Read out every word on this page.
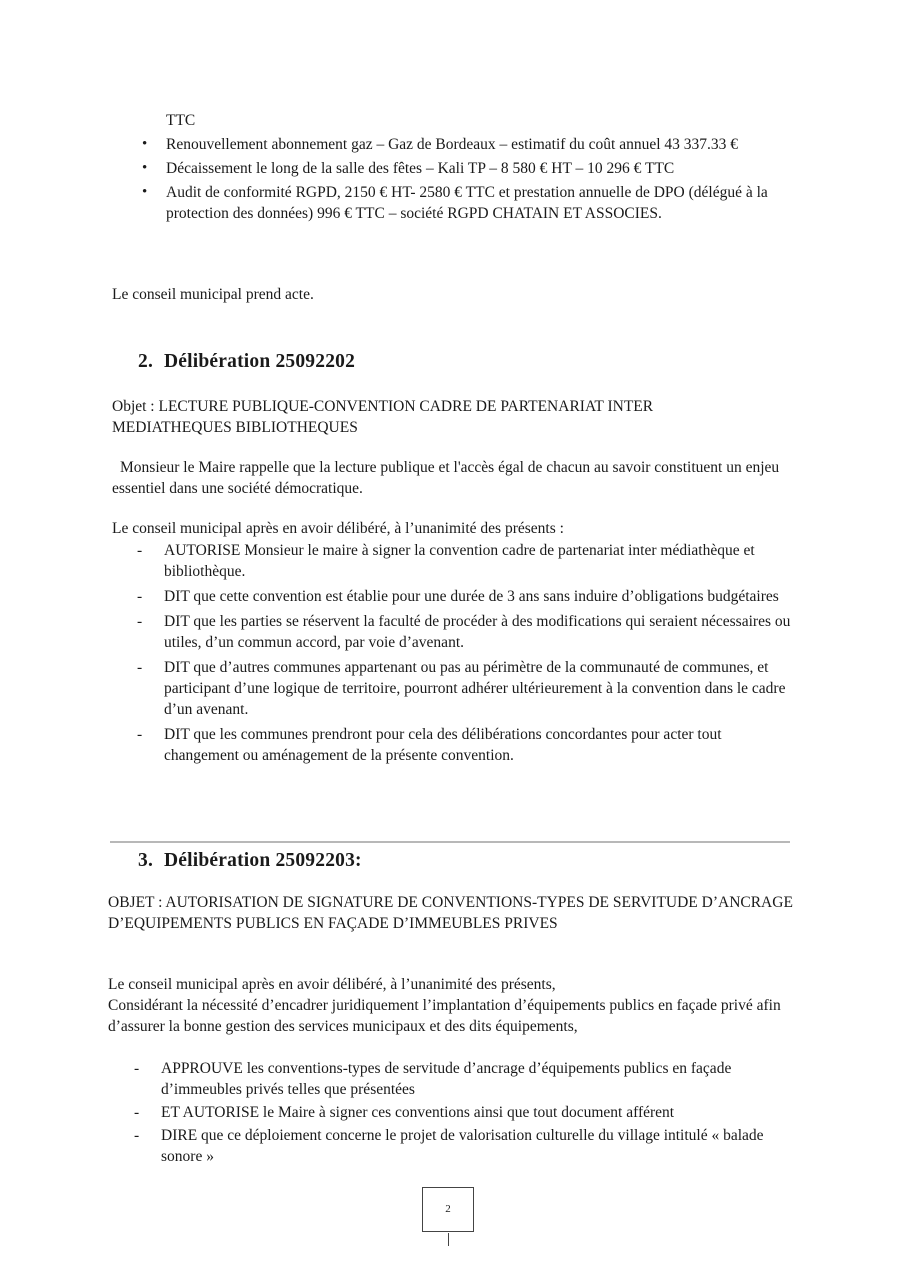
TTC
Renouvellement abonnement gaz – Gaz de Bordeaux – estimatif du coût annuel 43 337.33 €
Décaissement le long de la salle des fêtes – Kali TP – 8 580 € HT – 10 296 € TTC
Audit de conformité RGPD, 2150 € HT- 2580 € TTC et prestation annuelle de DPO (délégué à la protection des données) 996 € TTC – société RGPD CHATAIN ET ASSOCIES.

Le conseil municipal prend acte.

2. Délibération 25092202

Objet : LECTURE PUBLIQUE-CONVENTION CADRE DE PARTENARIAT INTER MEDIATHEQUES BIBLIOTHEQUES

Monsieur le Maire rappelle que la lecture publique et l'accès égal de chacun au savoir constituent un enjeu essentiel dans une société démocratique.

Le conseil municipal après en avoir délibéré, à l’unanimité des présents :

AUTORISE Monsieur le maire à signer la convention cadre de partenariat inter médiathèque et bibliothèque.
DIT que cette convention est établie pour une durée de 3 ans sans induire d’obligations budgétaires
DIT que les parties se réservent la faculté de procéder à des modifications qui seraient nécessaires ou utiles, d’un commun accord, par voie d’avenant.
DIT que d’autres communes appartenant ou pas au périmètre de la communauté de communes, et participant d’une logique de territoire, pourront adhérer ultérieurement à la convention dans le cadre d’un avenant.
DIT que les communes prendront pour cela des délibérations concordantes pour acter tout changement ou aménagement de la présente convention.
3. Délibération 25092203:

OBJET : AUTORISATION DE SIGNATURE DE CONVENTIONS-TYPES DE SERVITUDE D’ANCRAGE D’EQUIPEMENTS PUBLICS EN FAÇADE D’IMMEUBLES PRIVES

Le conseil municipal après en avoir délibéré, à l’unanimité des présents,

Considérant la nécessité d’encadrer juridiquement l’implantation d’équipements publics en façade privé afin d’assurer la bonne gestion des services municipaux et des dits équipements,

APPROUVE les conventions-types de servitude d’ancrage d’équipements publics en façade d’immeubles privés telles que présentées
ET AUTORISE le Maire à signer ces conventions ainsi que tout document afférent
DIRE que ce déploiement concerne le projet de valorisation culturelle du village intitulé « balade sonore »
2
